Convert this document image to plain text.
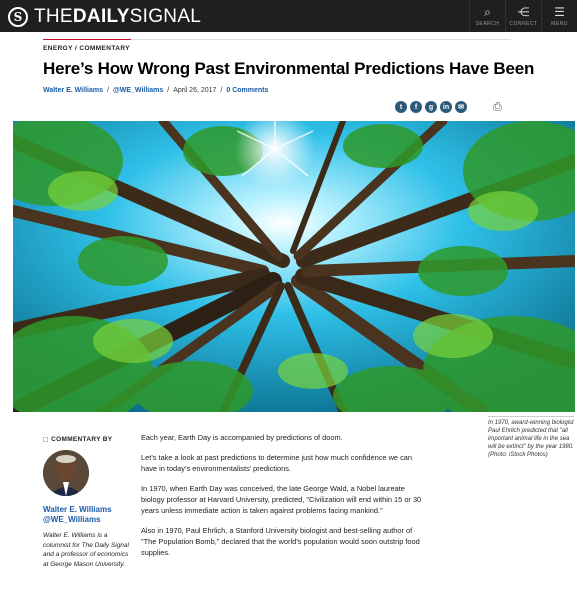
S THEDAILYSIGNAL	⌕
SEARCH
⋲
CONNECT
☰
MENU
ENERGY / COMMENTARY
Here’s How Wrong Past Environmental Predictions Have Been
Walter E. Williams / @WE_Williams / April 26, 2017 / 0 Comments
t	f	g	in	✉	⎙
In 1970, award-winning biologist Paul Ehrlich predicted that "all important animal life in the sea will be extinct" by the year 1980. (Photo: iStock Photos)
□ COMMENTARY BY
Walter E. Williams
@WE_Williams
Walter E. Williams is a columnist for The Daily Signal and a professor of economics at George Mason University.

Each year, Earth Day is accompanied by predictions of doom.

Let’s take a look at past predictions to determine just how much confidence we can have in today’s environmentalists’ predictions.

In 1970, when Earth Day was conceived, the late George Wald, a Nobel laureate biology professor at Harvard University, predicted, "Civilization will end within 15 or 30 years unless immediate action is taken against problems facing mankind."

Also in 1970, Paul Ehrlich, a Stanford University biologist and best-selling author of "The Population Bomb," declared that the world’s population would soon outstrip food supplies.
